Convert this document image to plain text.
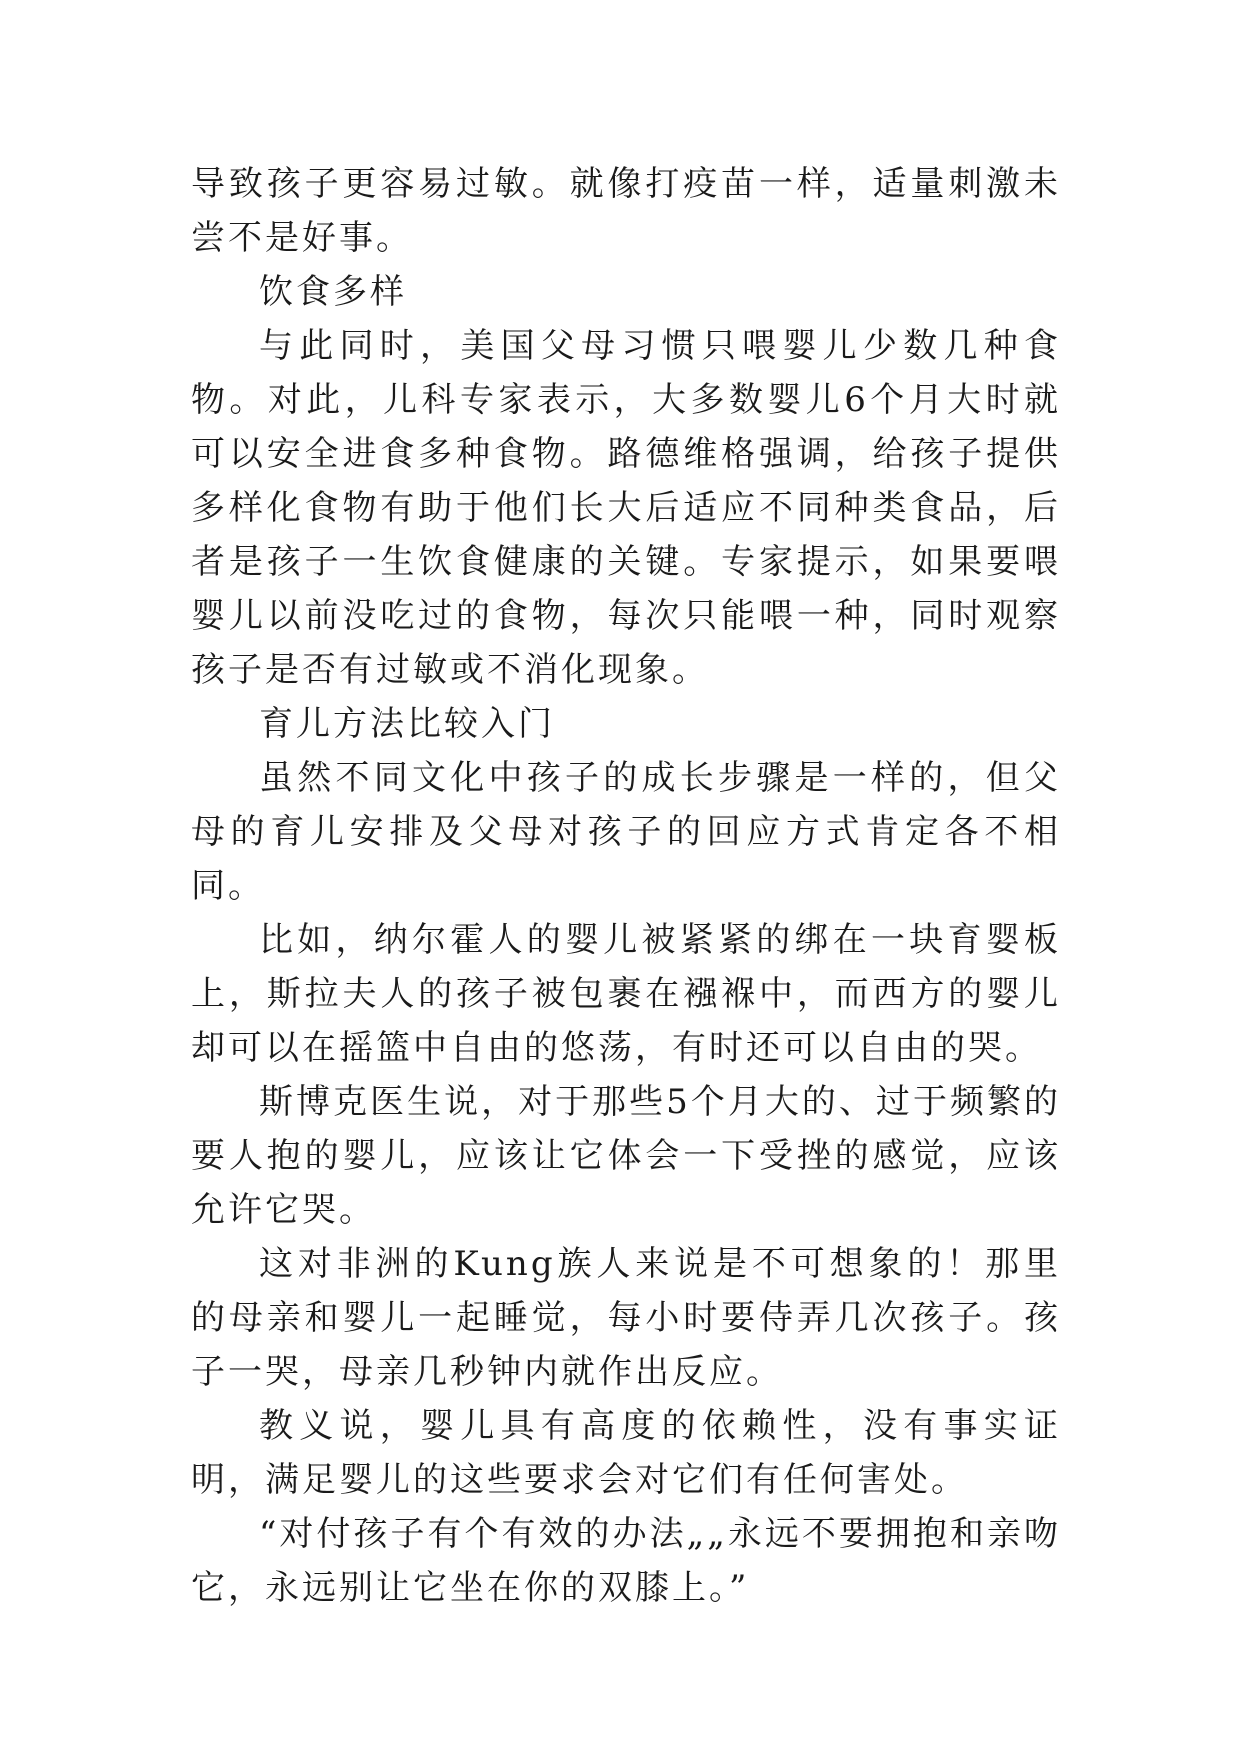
导致孩子更容易过敏。就像打疫苗一样，适量刺激未尝不是好事。

饮食多样

与此同时，美国父母习惯只喂婴儿少数几种食物。对此，儿科专家表示，大多数婴儿6个月大时就可以安全进食多种食物。路德维格强调，给孩子提供多样化食物有助于他们长大后适应不同种类食品，后者是孩子一生饮食健康的关键。专家提示，如果要喂婴儿以前没吃过的食物，每次只能喂一种，同时观察孩子是否有过敏或不消化现象。

育儿方法比较入门

虽然不同文化中孩子的成长步骤是一样的，但父母的育儿安排及父母对孩子的回应方式肯定各不相同。

比如，纳尔霍人的婴儿被紧紧的绑在一块育婴板上，斯拉夫人的孩子被包裹在襁褓中，而西方的婴儿却可以在摇篮中自由的悠荡，有时还可以自由的哭。

斯博克医生说，对于那些5个月大的、过于频繁的要人抱的婴儿，应该让它体会一下受挫的感觉，应该允许它哭。

这对非洲的Kung族人来说是不可想象的！那里的母亲和婴儿一起睡觉，每小时要侍弄几次孩子。孩子一哭，母亲几秒钟内就作出反应。

教义说，婴儿具有高度的依赖性，没有事实证明，满足婴儿的这些要求会对它们有任何害处。

“对付孩子有个有效的办法„„永远不要拥抱和亲吻它，永远别让它坐在你的双膝上。”
